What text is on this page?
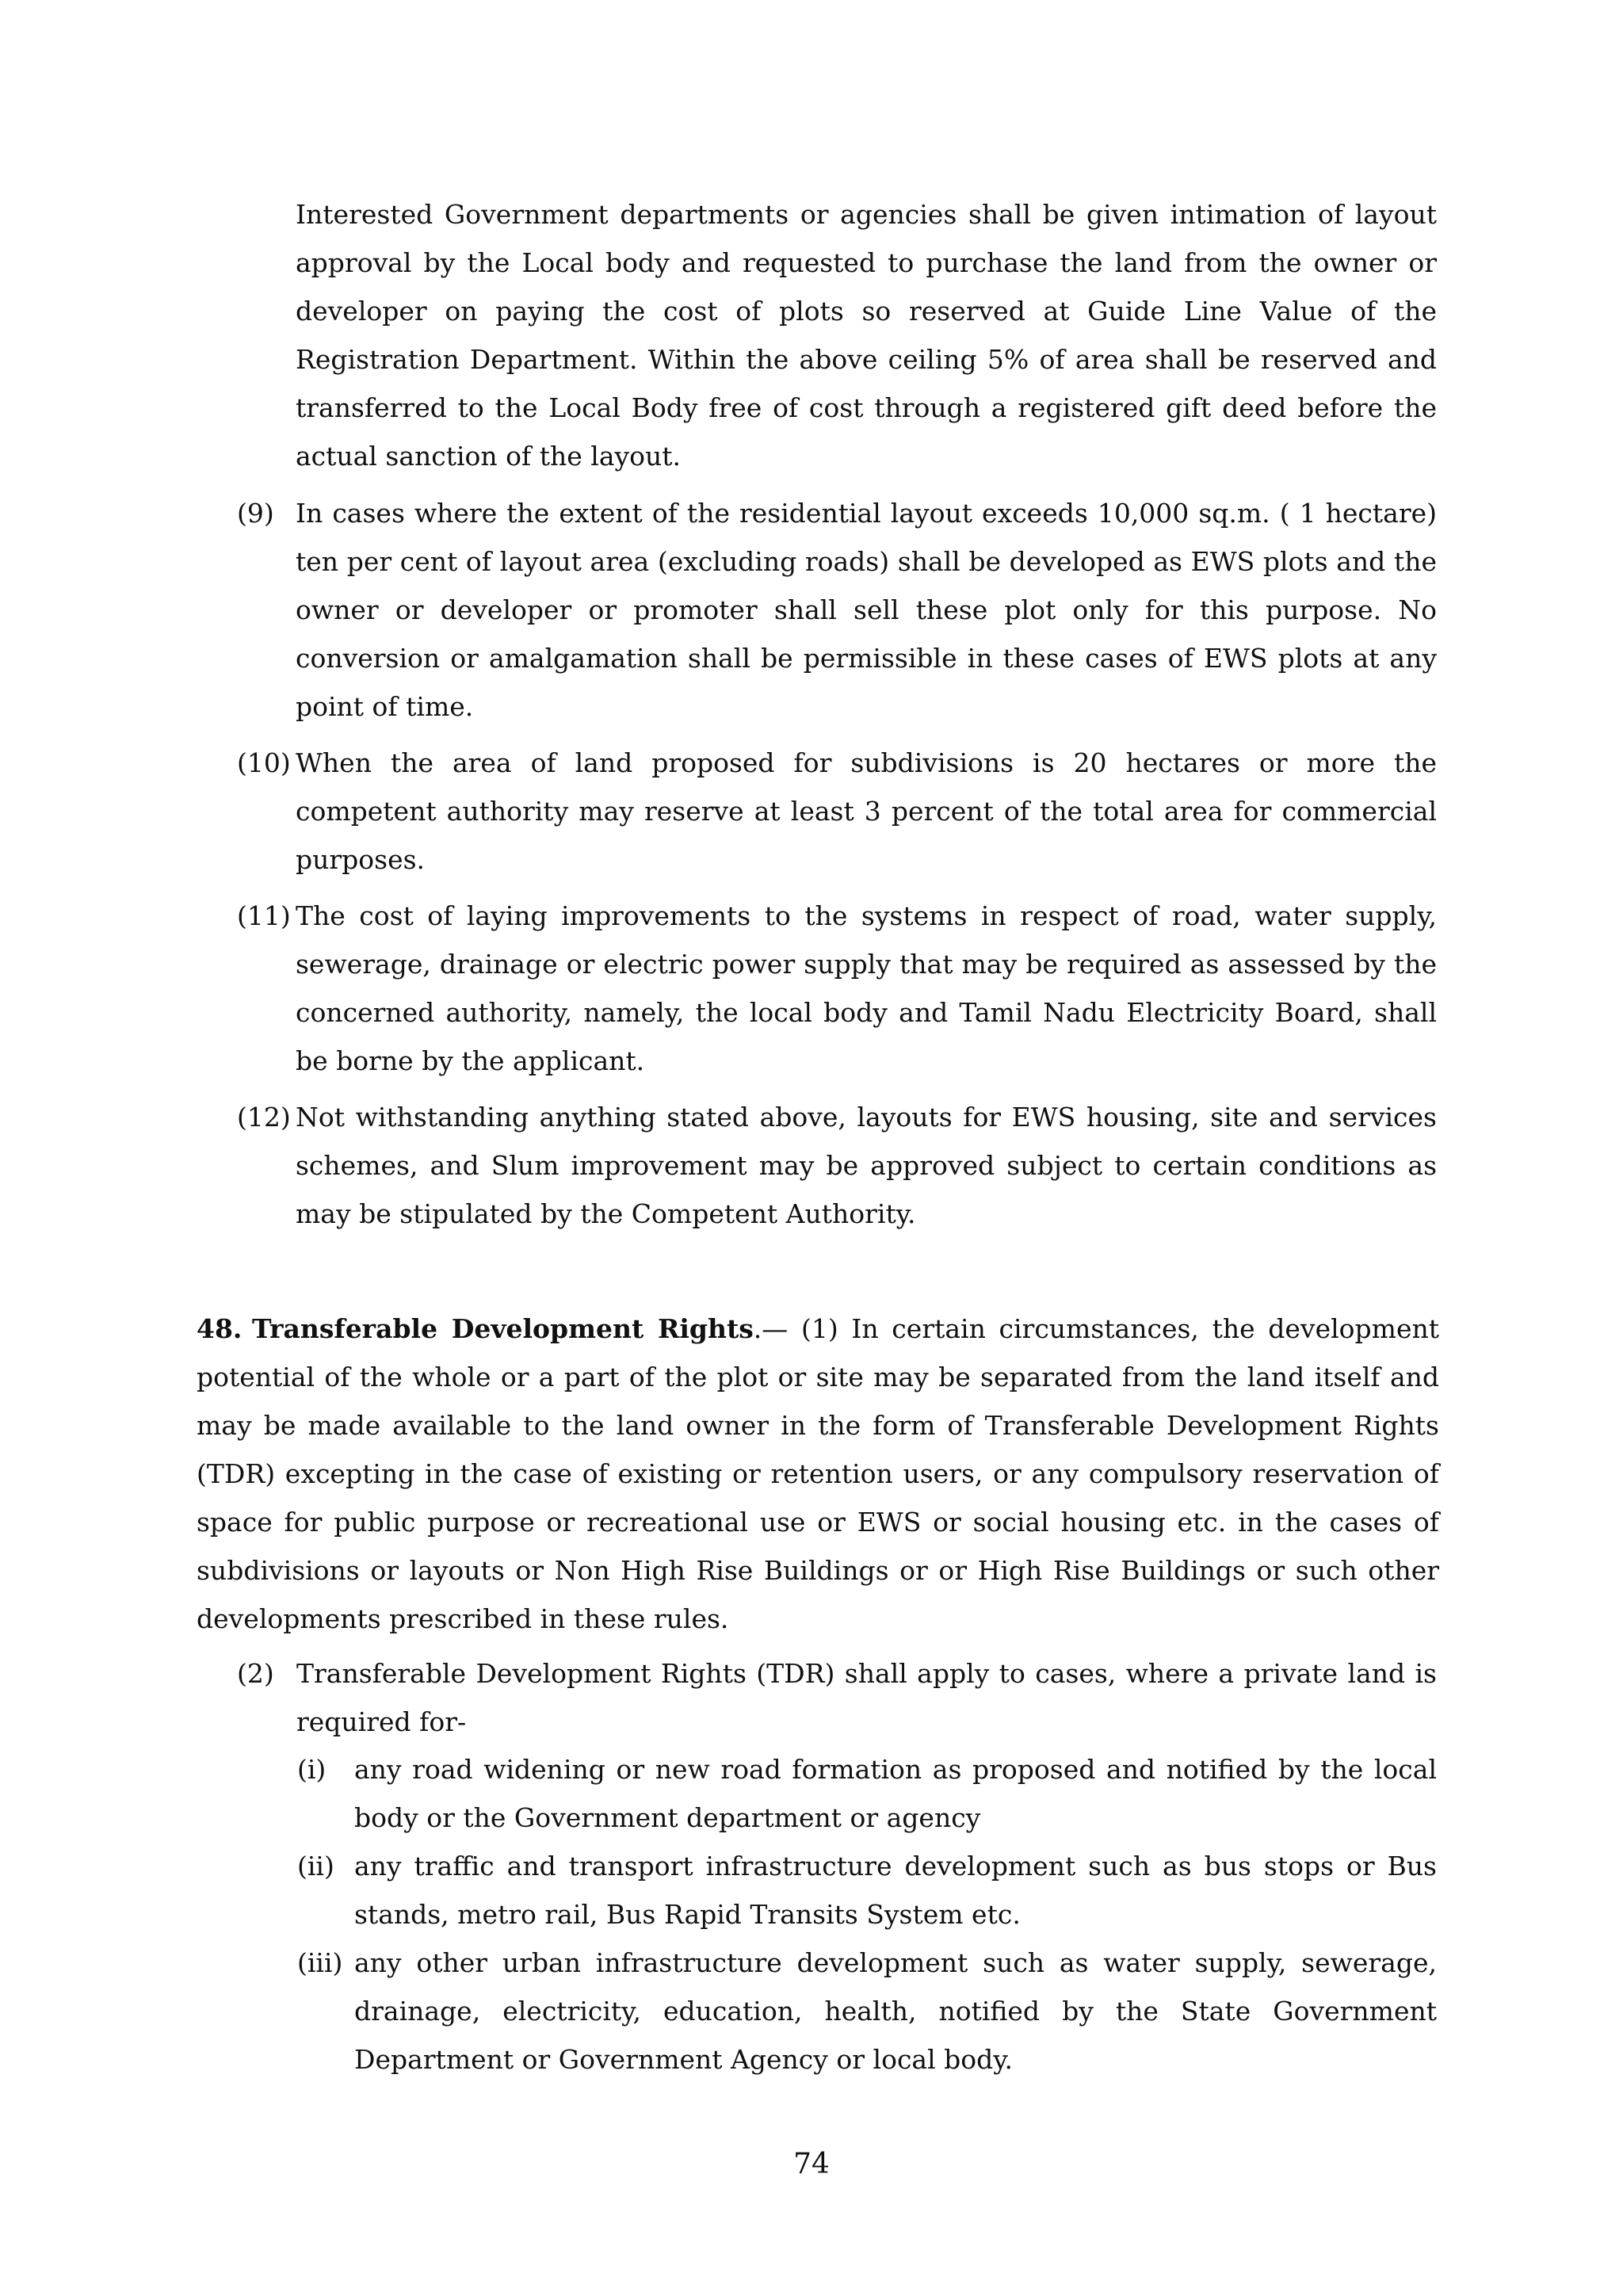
Interested Government departments or agencies shall be given intimation of layout approval by the Local body and requested to purchase the land from the owner or developer on paying the cost of plots so reserved at Guide Line Value of the Registration Department. Within the above ceiling 5% of area shall be reserved and transferred to the Local Body free of cost through a registered gift deed before the actual sanction of the layout.

(9) In cases where the extent of the residential layout exceeds 10,000 sq.m. ( 1 hectare) ten per cent of layout area (excluding roads) shall be developed as EWS plots and the owner or developer or promoter shall sell these plot only for this purpose. No conversion or amalgamation shall be permissible in these cases of EWS plots at any point of time.
(10) When the area of land proposed for subdivisions is 20 hectares or more the competent authority may reserve at least 3 percent of the total area for commercial purposes.
(11) The cost of laying improvements to the systems in respect of road, water supply, sewerage, drainage or electric power supply that may be required as assessed by the concerned authority, namely, the local body and Tamil Nadu Electricity Board, shall be borne by the applicant.
(12) Not withstanding anything stated above, layouts for EWS housing, site and services schemes, and Slum improvement may be approved subject to certain conditions as may be stipulated by the Competent Authority.
48. Transferable Development Rights.— (1) In certain circumstances, the development potential of the whole or a part of the plot or site may be separated from the land itself and may be made available to the land owner in the form of Transferable Development Rights (TDR) excepting in the case of existing or retention users, or any compulsory reservation of space for public purpose or recreational use or EWS or social housing etc. in the cases of subdivisions or layouts or Non High Rise Buildings or or High Rise Buildings or such other developments prescribed in these rules.
(2) Transferable Development Rights (TDR) shall apply to cases, where a private land is required for-
(i) any road widening or new road formation as proposed and notified by the local body or the Government department or agency
(ii) any traffic and transport infrastructure development such as bus stops or Bus stands, metro rail, Bus Rapid Transits System etc.
(iii) any other urban infrastructure development such as water supply, sewerage, drainage, electricity, education, health, notified by the State Government Department or Government Agency or local body.
74
